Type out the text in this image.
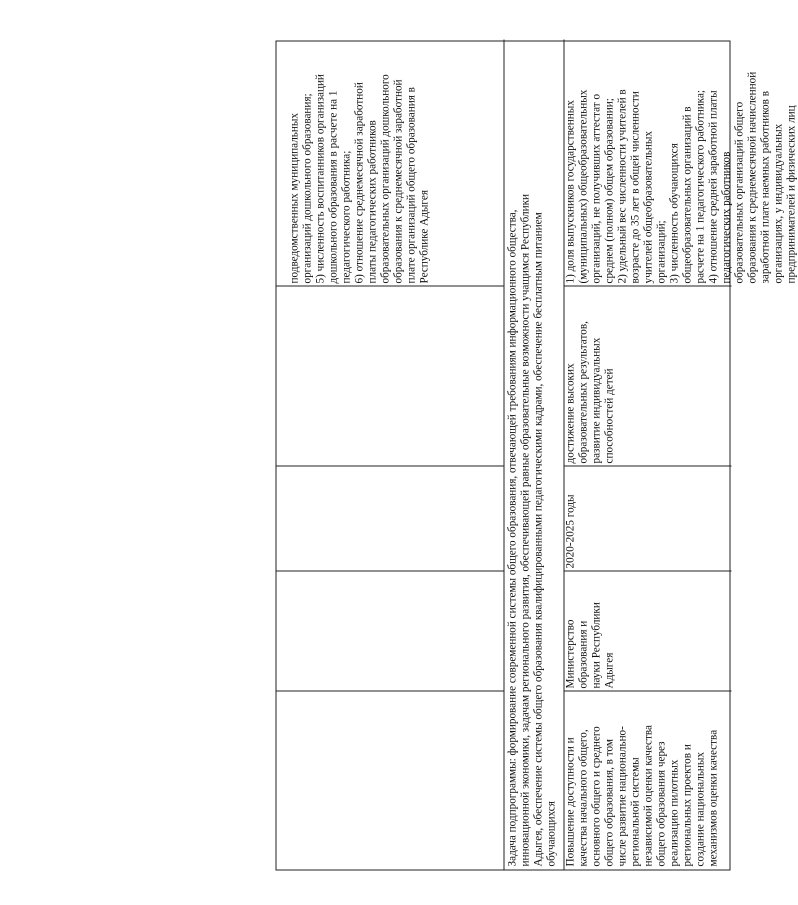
подведомственных муниципальных
организаций дошкольного образования;
5) численность воспитанников организаций
дошкольного образования в расчете на 1
педагогического работника;
6) отношение среднемесячной заработной
платы педагогических работников
образовательных организаций дошкольного
образования к среднемесячной заработной
плате организаций общего образования в
Республике Адыгея
Задача подпрограммы: формирование современной системы общего образования, отвечающей требованиям информационного общества,
инновационной экономики, задачам регионального развития, обеспечивающей равные образовательные возможности учащимся Республики
Адыгея, обеспечение системы общего образования квалифицированными педагогическими кадрами, обеспечение бесплатным питанием
обучающихся Повышение доступности и
качества начального общего,
основного общего и среднего
общего образования, в том
числе развитие национально-
региональной системы
независимой оценки качества
общего образования через
реализацию пилотных
региональных проектов и
создание национальных
механизмов оценки качества
Министерство
образования и
науки Республики
Адыгея
2020-2025 годы
достижение высоких
образовательных результатов,
развитие индивидуальных
способностей детей
1) доля выпускников государственных
(муниципальных) общеобразовательных
организаций, не получивших аттестат о
среднем (полном) общем образовании;
2) удельный вес численности учителей в
возрасте до 35 лет в общей численности
учителей общеобразовательных
организаций;
3) численность обучающихся
общеобразовательных организаций в
расчете на 1 педагогического работника;
4) отношение средней заработной платы
педагогических работников
образовательных организаций общего
образования к среднемесячной начисленной
заработной плате наемных работников в
организациях, у индивидуальных
предпринимателей и физических лиц
